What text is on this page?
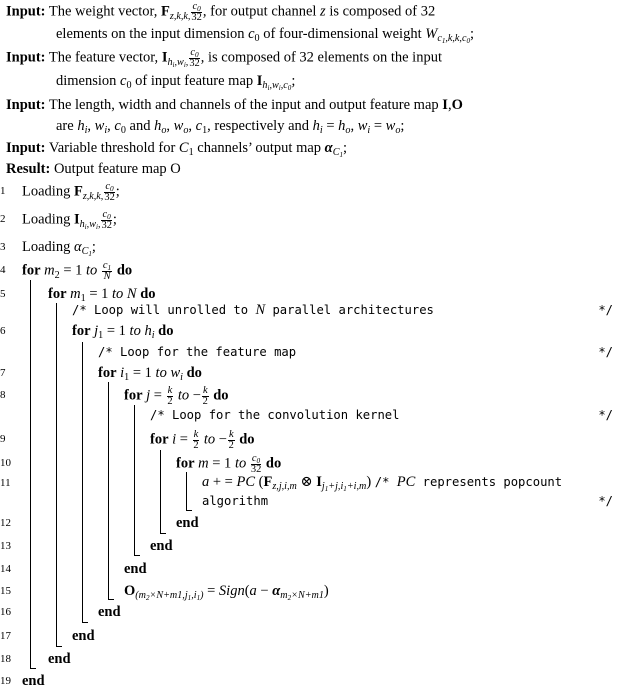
Input: The weight vector, $F_{z,k,k,} \frac{c_0}{32}$ , for output channel z is composed of 32
elements on the input dimension $c_0$ of four-dimensional weight $W_{c_1,k,k,c_0}$;
Input: The feature vector, $I_{h_i,w_i,} \frac{c_0}{32}$ , is composed of 32 elements on the input
dimension $c_0$ of input feature map $I_{h_i,w_i,c_0}$;
Input: The length, width and channels of the input and output feature map I,O
are $h_i$, $w_i$, $c_0$ and $h_o$, $w_o$, $c_1$, respectively and $h_i = h_o$, $w_i = w_o$;
Input: Variable threshold for $C_1$ channels’ output map $\alpha_{C_1}$;
Result: Output feature map O
1	Loading $F_{z,k,k,} \frac{c_0}{32}$ ;
2	Loading $I_{h_i,w_i,} \frac{c_0}{32}$ ;
3	Loading $\alpha_{C_1}$;
4	for $m_2 = 1$ to $\frac{c_1}{N}$ do
5	for $m_1 = 1$ to N do
/* Loop will unrolled to N parallel architectures	*/
6	for $j_1 = 1$ to $h_i$ do
/* Loop for the feature map	*/
7	for $i_1 = 1$ to $w_i$ do
8	for $j = \frac{k}{2}$ to − $\frac{k}{2}$ do
/* Loop for the convolution kernel	*/
9	for $i = \frac{k}{2}$ to − $\frac{k}{2}$ do
10	for m = 1 to $\frac{c_0}{32}$ do
11	a + = PC ($F_{z,j,i,m}$ ⊗ $I_{j_1+j,i_1+i,m}$) /* PC represents popcount
algorithm	*/
12	end
13	end
14	end
15	$O_{(m_2\times N+m1,j_1,i_1)}$ = Sign(a − $\alpha_{m_2\times N+m1}$)
16	end
17	end
18	end
19 end
